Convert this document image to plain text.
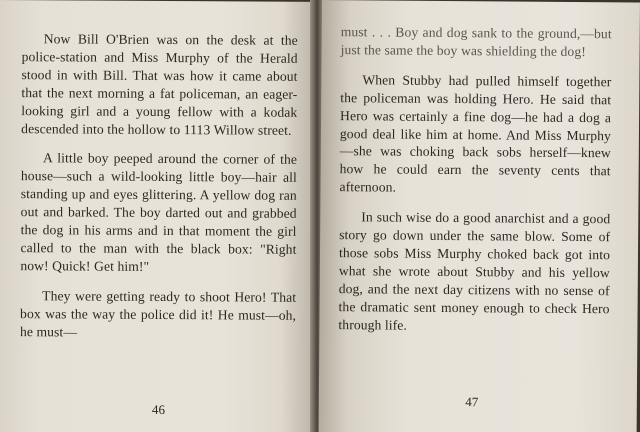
Now Bill O'Brien was on the desk at the police-station and Miss Murphy of the Herald stood in with Bill. That was how it came about that the next morning a fat policeman, an eager-looking girl and a young fellow with a kodak descended into the hollow to 1113 Willow street.

A little boy peeped around the corner of the house—such a wild-looking little boy—hair all standing up and eyes glittering. A yellow dog ran out and barked. The boy darted out and grabbed the dog in his arms and in that moment the girl called to the man with the black box: "Right now! Quick! Get him!"

They were getting ready to shoot Hero! That box was the way the police did it! He must—oh, he must—

46

must . . . Boy and dog sank to the ground,—but just the same the boy was shielding the dog!

When Stubby had pulled himself together the policeman was holding Hero. He said that Hero was certainly a fine dog—he had a dog a good deal like him at home. And Miss Murphy—she was choking back sobs herself—knew how he could earn the seventy cents that afternoon.

In such wise do a good anarchist and a good story go down under the same blow. Some of those sobs Miss Murphy choked back got into what she wrote about Stubby and his yellow dog, and the next day citizens with no sense of the dramatic sent money enough to check Hero through life.

47
